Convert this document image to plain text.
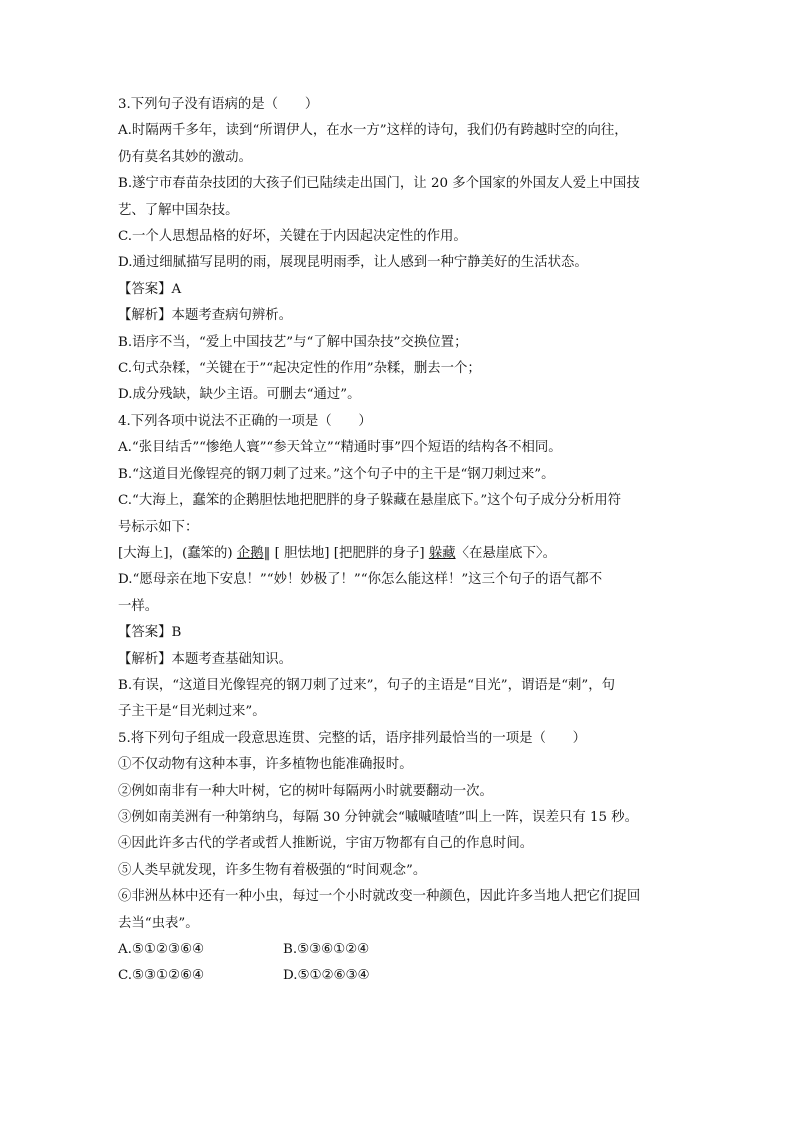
3.下列句子没有语病的是（　　）
A.时隔两千多年，读到“所谓伊人，在水一方”这样的诗句，我们仍有跨越时空的向往，
仍有莫名其妙的激动。
B.遂宁市春苗杂技团的大孩子们已陆续走出国门，让 20 多个国家的外国友人爱上中国技
艺、了解中国杂技。
C.一个人思想品格的好坏，关键在于内因起决定性的作用。
D.通过细腻描写昆明的雨，展现昆明雨季，让人感到一种宁静美好的生活状态。
【答案】A
【解析】本题考查病句辨析。
B.语序不当，“爱上中国技艺”与“了解中国杂技”交换位置；
C.句式杂糅，“关键在于”“起决定性的作用”杂糅，删去一个；
D.成分残缺，缺少主语。可删去“通过”。
4.下列各项中说法不正确的一项是（　　）
A.“张目结舌”“惨绝人寰”“参天耸立”“精通时事”四个短语的结构各不相同。
B.“这道目光像锃亮的钢刀刺了过来。”这个句子中的主干是“钢刀刺过来”。
C.“大海上，蠢笨的企鹅胆怯地把肥胖的身子躲藏在悬崖底下。”这个句子成分分析用符
号标示如下：
[大海上]，(蠢笨的) 企鹅‖ [ 胆怯地] [把肥胖的身子] 躲藏〈在悬崖底下〉。
D.“愿母亲在地下安息！”“妙！妙极了！”“你怎么能这样！”这三个句子的语气都不
一样。
【答案】B
【解析】本题考查基础知识。
B.有误，“这道目光像锃亮的钢刀刺了过来”，句子的主语是“目光”，谓语是“刺”，句
子主干是“目光刺过来”。
5.将下列句子组成一段意思连贯、完整的话，语序排列最恰当的一项是（　　）
①不仅动物有这种本事，许多植物也能准确报时。
②例如南非有一种大叶树，它的树叶每隔两小时就要翻动一次。
③例如南美洲有一种第纳乌，每隔 30 分钟就会“嘁嘁喳喳”叫上一阵，误差只有 15 秒。
④因此许多古代的学者或哲人推断说，宇宙万物都有自己的作息时间。
⑤人类早就发现，许多生物有着极强的“时间观念”。
⑥非洲丛林中还有一种小虫，每过一个小时就改变一种颜色，因此许多当地人把它们捉回
去当“虫表”。
A.⑤①②③⑥④	B.⑤③⑥①②④
C.⑤③①②⑥④	D.⑤①②⑥③④
